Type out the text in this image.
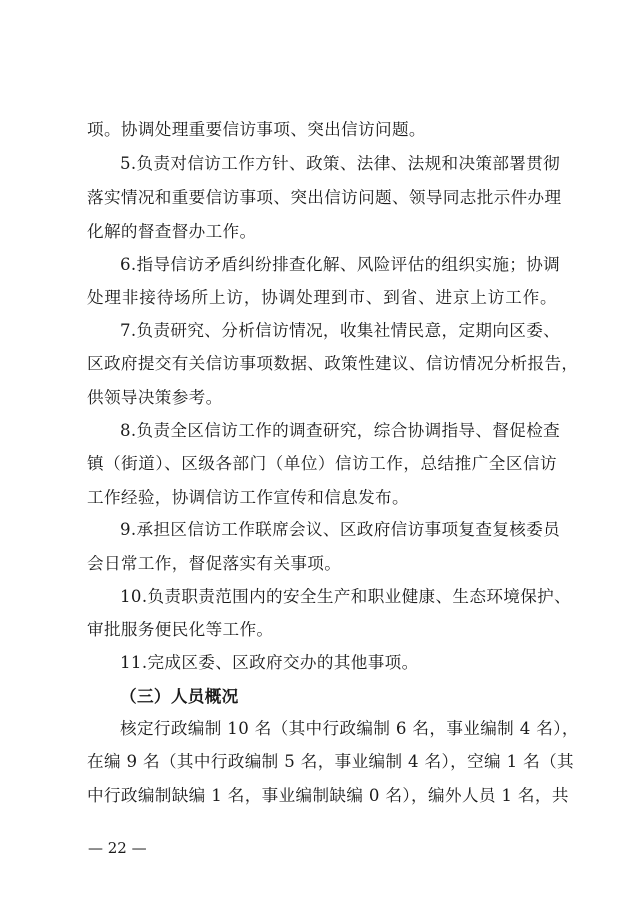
项。协调处理重要信访事项、突出信访问题。
5.负责对信访工作方针、政策、法律、法规和决策部署贯彻
落实情况和重要信访事项、突出信访问题、领导同志批示件办理
化解的督查督办工作。
6.指导信访矛盾纠纷排查化解、风险评估的组织实施；协调
处理非接待场所上访，协调处理到市、到省、进京上访工作。
7.负责研究、分析信访情况，收集社情民意，定期向区委、
区政府提交有关信访事项数据、政策性建议、信访情况分析报告，
供领导决策参考。
8.负责全区信访工作的调查研究，综合协调指导、督促检查
镇（街道）、区级各部门（单位）信访工作，总结推广全区信访
工作经验，协调信访工作宣传和信息发布。
9.承担区信访工作联席会议、区政府信访事项复查复核委员
会日常工作，督促落实有关事项。
10.负责职责范围内的安全生产和职业健康、生态环境保护、
审批服务便民化等工作。
11.完成区委、区政府交办的其他事项。
（三）人员概况
核定行政编制 10 名（其中行政编制 6 名，事业编制 4 名），
在编 9 名（其中行政编制 5 名，事业编制 4 名），空编 1 名（其
中行政编制缺编 1 名，事业编制缺编 0 名），编外人员 1 名，共
— 22 —
